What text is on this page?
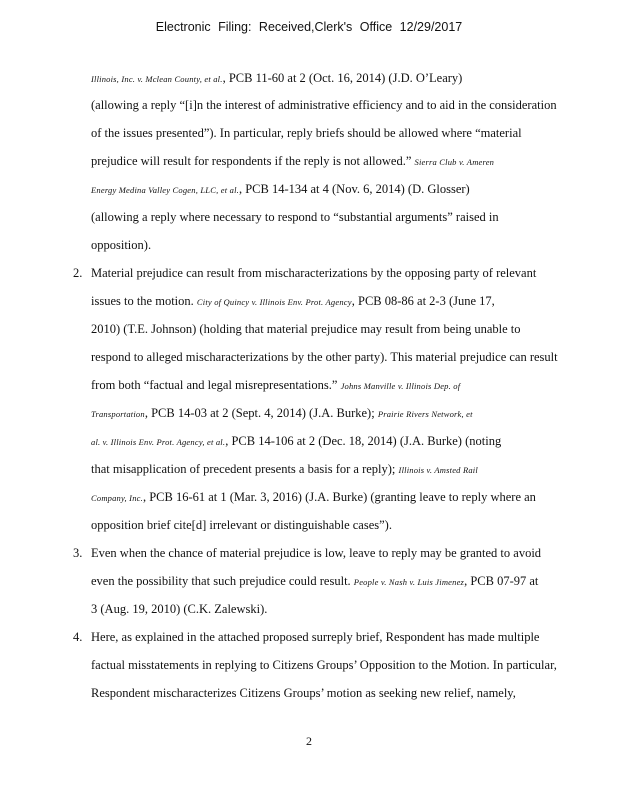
Electronic Filing: Received,Clerk's Office 12/29/2017
Illinois, Inc. v. Mclean County, et al., PCB 11-60 at 2 (Oct. 16, 2014) (J.D. O’Leary)
(allowing a reply “[i]n the interest of administrative efficiency and to aid in the consideration
of the issues presented”). In particular, reply briefs should be allowed where “material
prejudice will result for respondents if the reply is not allowed.” Sierra Club v. Ameren
Energy Medina Valley Cogen, LLC, et al., PCB 14-134 at 4 (Nov. 6, 2014) (D. Glosser)
(allowing a reply where necessary to respond to “substantial arguments” raised in
opposition).
2. Material prejudice can result from mischaracterizations by the opposing party of relevant
issues to the motion. City of Quincy v. Illinois Env. Prot. Agency, PCB 08-86 at 2-3 (June 17,
2010) (T.E. Johnson) (holding that material prejudice may result from being unable to
respond to alleged mischaracterizations by the other party). This material prejudice can result
from both “factual and legal misrepresentations.” Johns Manville v. Illinois Dep. of
Transportation, PCB 14-03 at 2 (Sept. 4, 2014) (J.A. Burke); Prairie Rivers Network, et
al. v. Illinois Env. Prot. Agency, et al., PCB 14-106 at 2 (Dec. 18, 2014) (J.A. Burke) (noting
that misapplication of precedent presents a basis for a reply); Illinois v. Amsted Rail
Company, Inc., PCB 16-61 at 1 (Mar. 3, 2016) (J.A. Burke) (granting leave to reply where an
opposition brief cite[d] irrelevant or distinguishable cases”).
3. Even when the chance of material prejudice is low, leave to reply may be granted to avoid
even the possibility that such prejudice could result. People v. Nash v. Luis Jimenez, PCB 07-97 at
3 (Aug. 19, 2010) (C.K. Zalewski).
4. Here, as explained in the attached proposed surreply brief, Respondent has made multiple
factual misstatements in replying to Citizens Groups’ Opposition to the Motion. In particular,
Respondent mischaracterizes Citizens Groups’ motion as seeking new relief, namely,
2
